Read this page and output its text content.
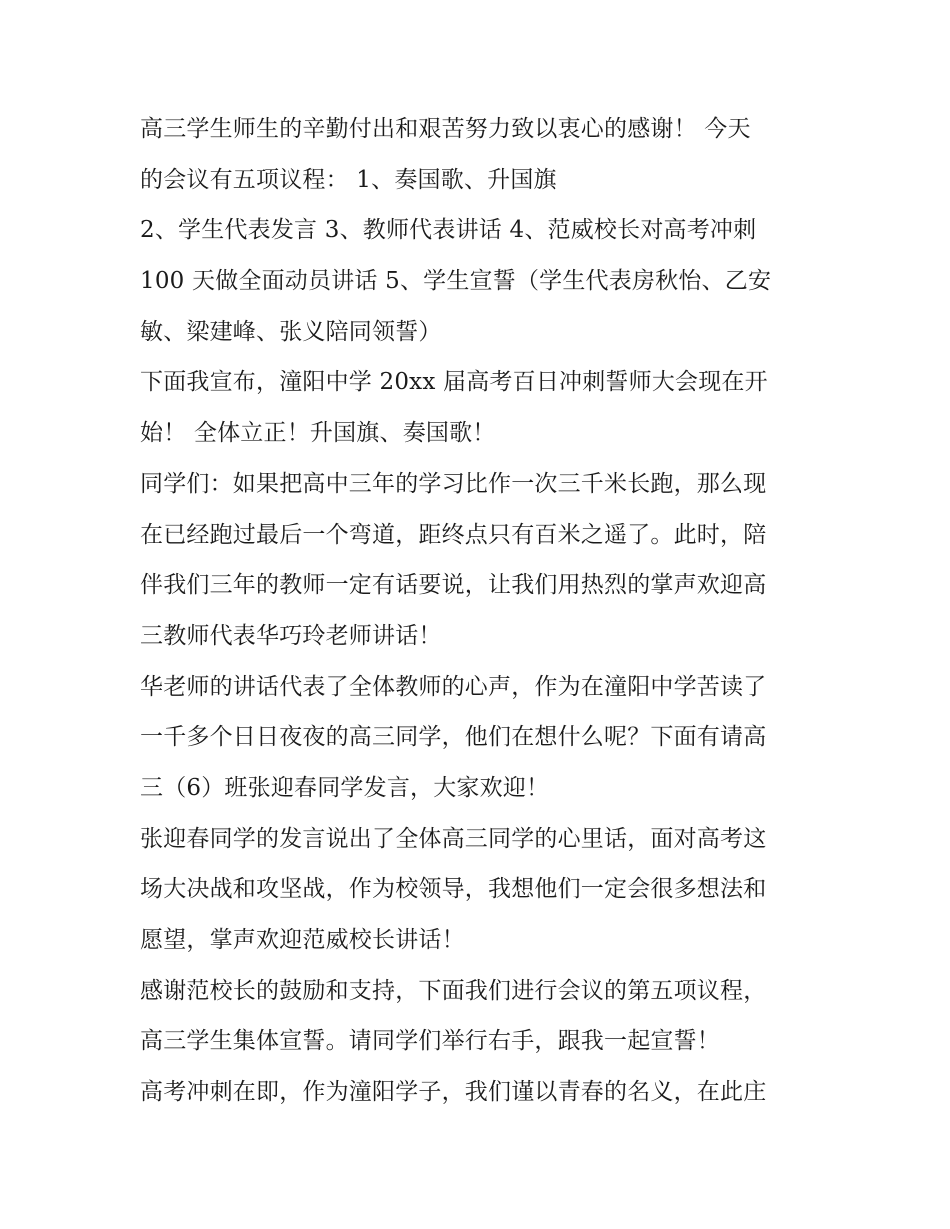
高三学生师生的辛勤付出和艰苦努力致以衷心的感谢！ 今天
的会议有五项议程： 1、奏国歌、升国旗
2、学生代表发言 3、教师代表讲话 4、范威校长对高考冲刺
100 天做全面动员讲话 5、学生宣誓（学生代表房秋怡、乙安
敏、梁建峰、张义陪同领誓）
下面我宣布，潼阳中学 20xx 届高考百日冲刺誓师大会现在开
始！ 全体立正！升国旗、奏国歌！
同学们：如果把高中三年的学习比作一次三千米长跑，那么现
在已经跑过最后一个弯道，距终点只有百米之遥了。此时，陪
伴我们三年的教师一定有话要说，让我们用热烈的掌声欢迎高
三教师代表华巧玲老师讲话！
华老师的讲话代表了全体教师的心声，作为在潼阳中学苦读了
一千多个日日夜夜的高三同学，他们在想什么呢？下面有请高
三（6）班张迎春同学发言，大家欢迎！
张迎春同学的发言说出了全体高三同学的心里话，面对高考这
场大决战和攻坚战，作为校领导，我想他们一定会很多想法和
愿望，掌声欢迎范威校长讲话！
感谢范校长的鼓励和支持，下面我们进行会议的第五项议程，
高三学生集体宣誓。请同学们举行右手，跟我一起宣誓！
高考冲刺在即，作为潼阳学子，我们谨以青春的名义，在此庄
